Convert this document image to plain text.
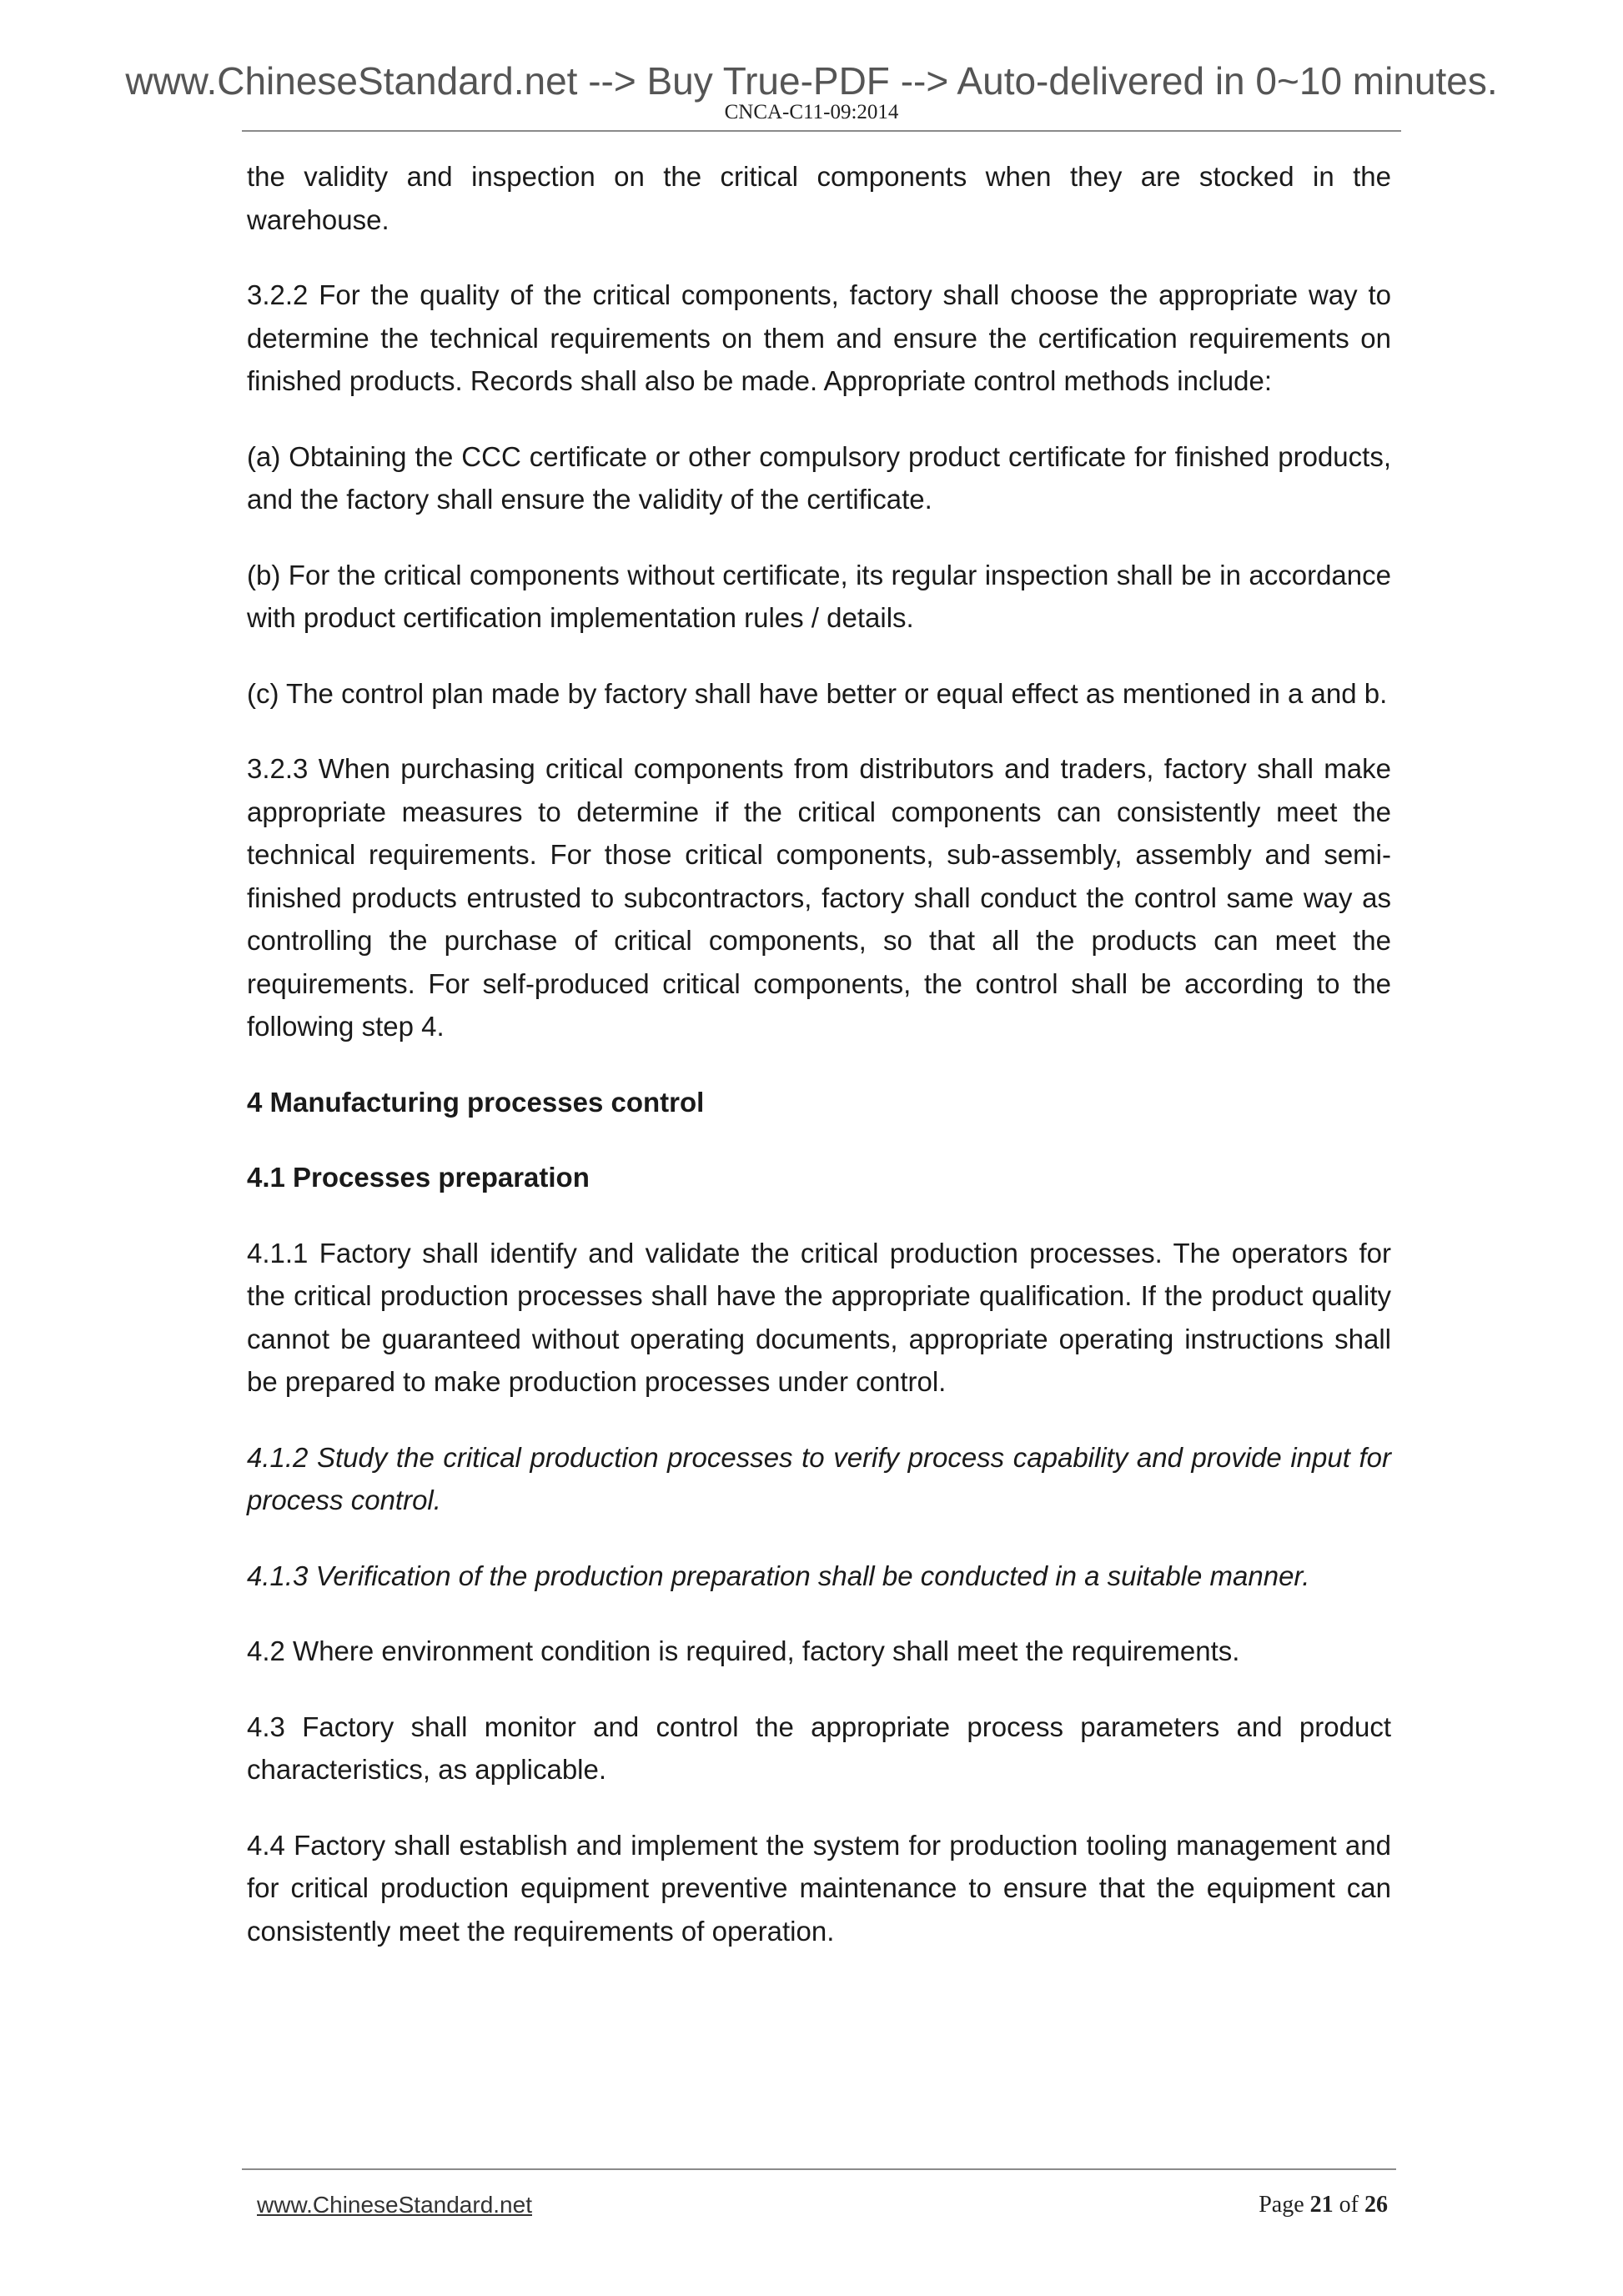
www.ChineseStandard.net --> Buy True-PDF --> Auto-delivered in 0~10 minutes.
CNCA-C11-09:2014

the validity and inspection on the critical components when they are stocked in the warehouse.

3.2.2 For the quality of the critical components, factory shall choose the appropriate way to determine the technical requirements on them and ensure the certification requirements on finished products. Records shall also be made. Appropriate control methods include:

(a) Obtaining the CCC certificate or other compulsory product certificate for finished products, and the factory shall ensure the validity of the certificate.

(b) For the critical components without certificate, its regular inspection shall be in accordance with product certification implementation rules / details.

(c) The control plan made by factory shall have better or equal effect as mentioned in a and b.

3.2.3 When purchasing critical components from distributors and traders, factory shall make appropriate measures to determine if the critical components can consistently meet the technical requirements. For those critical components, sub-assembly, assembly and semi-finished products entrusted to subcontractors, factory shall conduct the control same way as controlling the purchase of critical components, so that all the products can meet the requirements. For self-produced critical components, the control shall be according to the following step 4.

4 Manufacturing processes control

4.1 Processes preparation

4.1.1 Factory shall identify and validate the critical production processes. The operators for the critical production processes shall have the appropriate qualification. If the product quality cannot be guaranteed without operating documents, appropriate operating instructions shall be prepared to make production processes under control.

4.1.2 Study the critical production processes to verify process capability and provide input for process control.

4.1.3 Verification of the production preparation shall be conducted in a suitable manner.

4.2 Where environment condition is required, factory shall meet the requirements.

4.3 Factory shall monitor and control the appropriate process parameters and product characteristics, as applicable.

4.4 Factory shall establish and implement the system for production tooling management and for critical production equipment preventive maintenance to ensure that the equipment can consistently meet the requirements of operation.

www.ChineseStandard.net	Page 21 of 26
